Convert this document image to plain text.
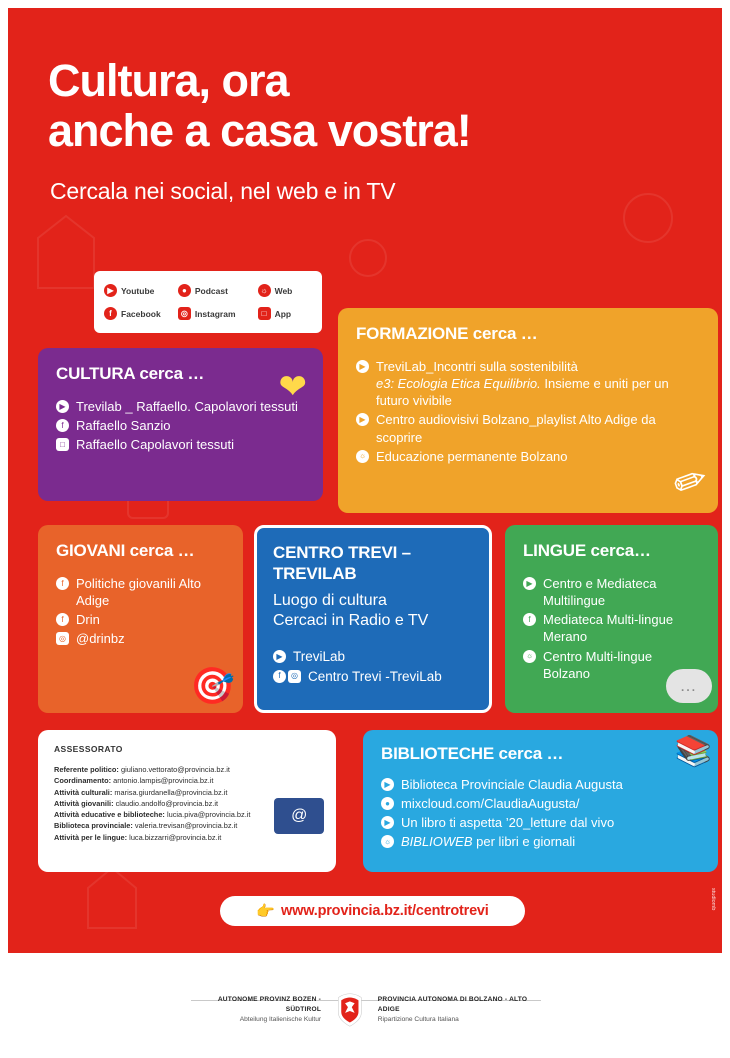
Cultura, ora
anche a casa vostra!
Cercala nei social, nel web e in TV
▶ Youtube	● Podcast	☼ Web
f	Facebook	◎ Instagram	□ App
CULTURA cerca …	❤
▶ Trevilab _ Raffaello. Capolavori tessuti
f Raffaello Sanzio
□ Raffaello Capolavori tessuti
FORMAZIONE cerca …
✏
▶ TreviLab_Incontri sulla sostenibilità
e3: Ecologia Etica Equilibrio. Insieme e uniti per un futuro vivibile
▶ Centro audiovisivi Bolzano_playlist Alto Adige da scoprire
☼ Educazione permanente Bolzano
GIOVANI cerca …
🎯
f Politiche giovanili Alto Adige
f Drin
◎ @drinbz
CENTRO TREVI –
TREVILAB
Luogo di cultura
Cercaci in Radio e TV
▶ TreviLab
f	◎ Centro Trevi -TreviLab
LINGUE cerca…
…
▶ Centro e Mediateca Multilingue
f Mediateca Multi-lingue Merano
☼ Centro Multi-lingue Bolzano
ASSESSORATO
@
Referente politico: giuliano.vettorato@provincia.bz.it
Coordinamento: antonio.lampis@provincia.bz.it
Attività culturali: marisa.giurdanella@provincia.bz.it
Attività giovanili: claudio.andolfo@provincia.bz.it
Attività educative e biblioteche: lucia.piva@provincia.bz.it
Biblioteca provinciale: valeria.trevisan@provincia.bz.it
Attività per le lingue: luca.bizzarri@provincia.bz.it
BIBLIOTECHE cerca …	📚
▶ Biblioteca Provinciale Claudia Augusta
● mixcloud.com/ClaudiaAugusta/
▶ Un libro ti aspetta ’20_letture dal vivo
☼ BIBLIOWEB per libri e giornali
👉 www.provincia.bz.it/centrotrevi
studiomb
AUTONOME PROVINZ BOZEN - SÜDTIROL
Abteilung Italienische Kultur
PROVINCIA AUTONOMA DI BOLZANO - ALTO ADIGE
Ripartizione Cultura Italiana
